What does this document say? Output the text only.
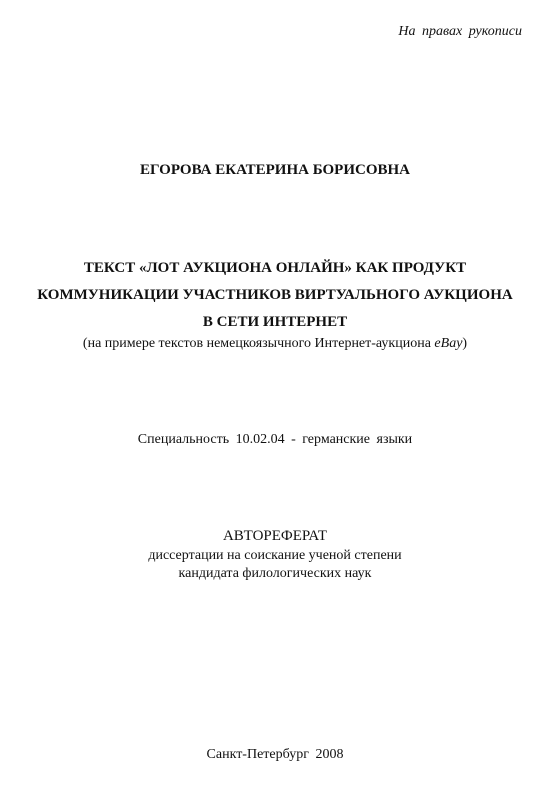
На правах рукописи
ЕГОРОВА ЕКАТЕРИНА БОРИСОВНА
ТЕКСТ «ЛОТ АУКЦИОНА ОНЛАЙН» КАК ПРОДУКТ
КОММУНИКАЦИИ УЧАСТНИКОВ ВИРТУАЛЬНОГО АУКЦИОНА
В СЕТИ ИНТЕРНЕТ
(на примере текстов немецкоязычного Интернет-аукциона eBay)
Специальность 10.02.04 - германские языки
АВТОРЕФЕРАТ
диссертации на соискание ученой степени
кандидата филологических наук
Санкт-Петербург 2008
